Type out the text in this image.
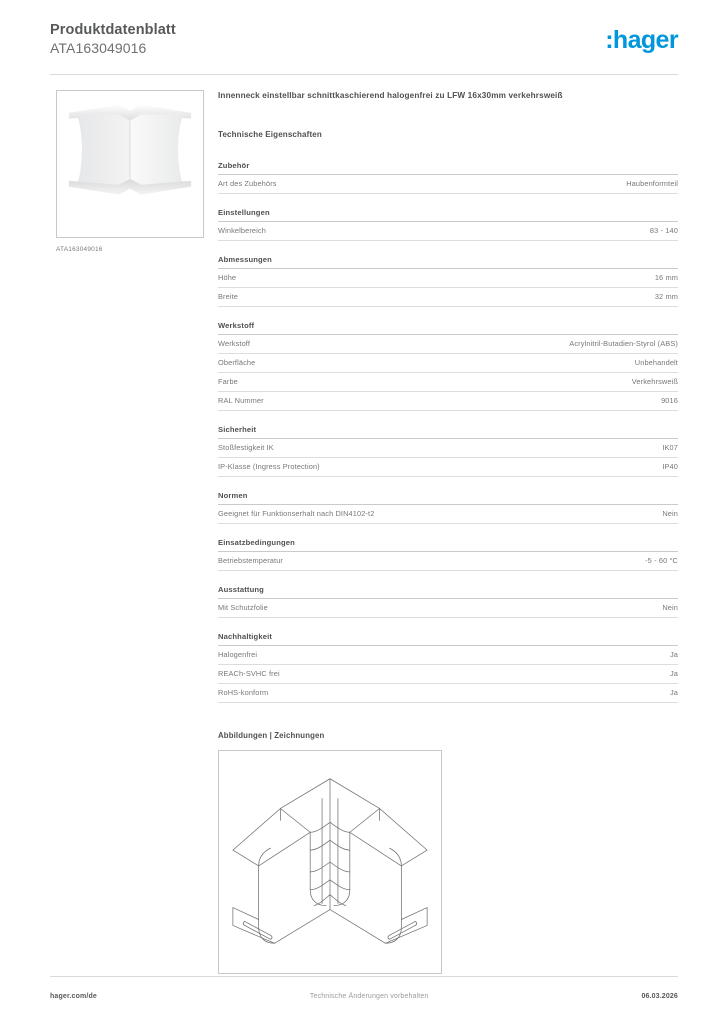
Produktdatenblatt
ATA163049016	:hager
ATA163049016
Innenneck einstellbar schnittkaschierend halogenfrei zu LFW 16x30mm verkehrsweiß
Technische Eigenschaften
Zubehör
Art des Zubehörs	Haubenformteil
Einstellungen
Winkelbereich	83 - 140
Abmessungen
Höhe	16 mm
Breite	32 mm
Werkstoff
Werkstoff	Acrylnitril-Butadien-Styrol (ABS)
Oberfläche	Unbehandelt
Farbe	Verkehrsweiß
RAL Nummer	9016
Sicherheit
Stoßfestigkeit IK	IK07
IP-Klasse (Ingress Protection)	IP40
Normen
Geeignet für Funktionserhalt nach DIN4102-t2	Nein
Einsatzbedingungen
Betriebstemperatur	-5 - 60 °C
Ausstattung
Mit Schutzfolie	Nein
Nachhaltigkeit
Halogenfrei	Ja
REACh-SVHC frei	Ja
RoHS-konform	Ja
Abbildungen | Zeichnungen
hager.com/de	Technische Änderungen vorbehalten	06.03.2026
